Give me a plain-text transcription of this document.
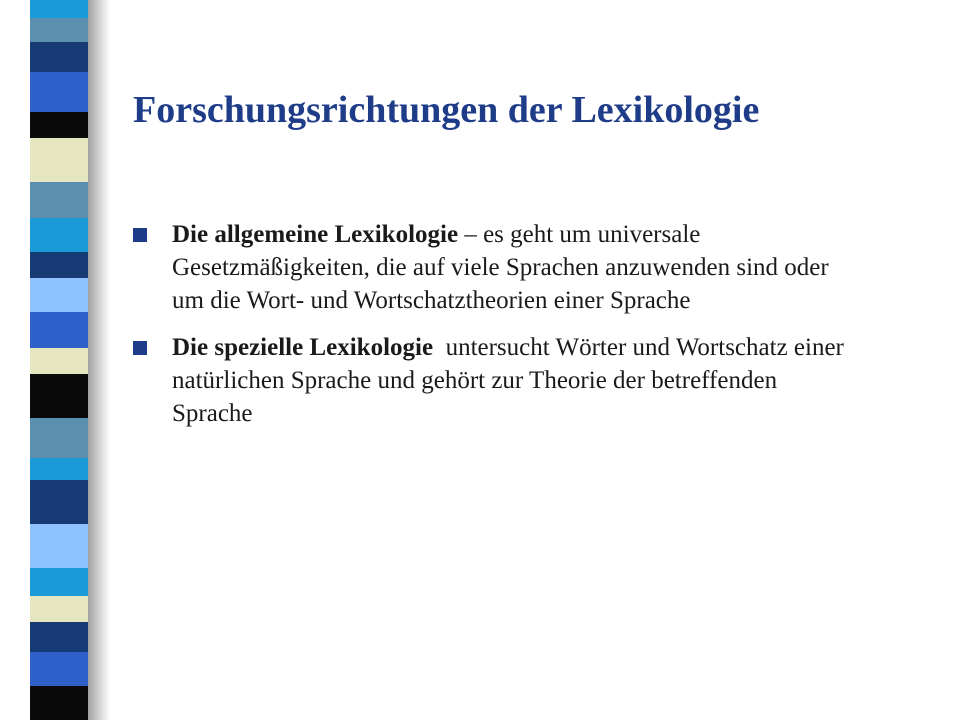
Forschungsrichtungen der Lexikologie
Die allgemeine Lexikologie – es geht um universale Gesetzmäßigkeiten, die auf viele Sprachen anzuwenden sind oder um die Wort- und Wortschatztheorien einer Sprache
Die spezielle Lexikologie  untersucht Wörter und Wortschatz einer natürlichen Sprache und gehört zur Theorie der betreffenden Sprache
